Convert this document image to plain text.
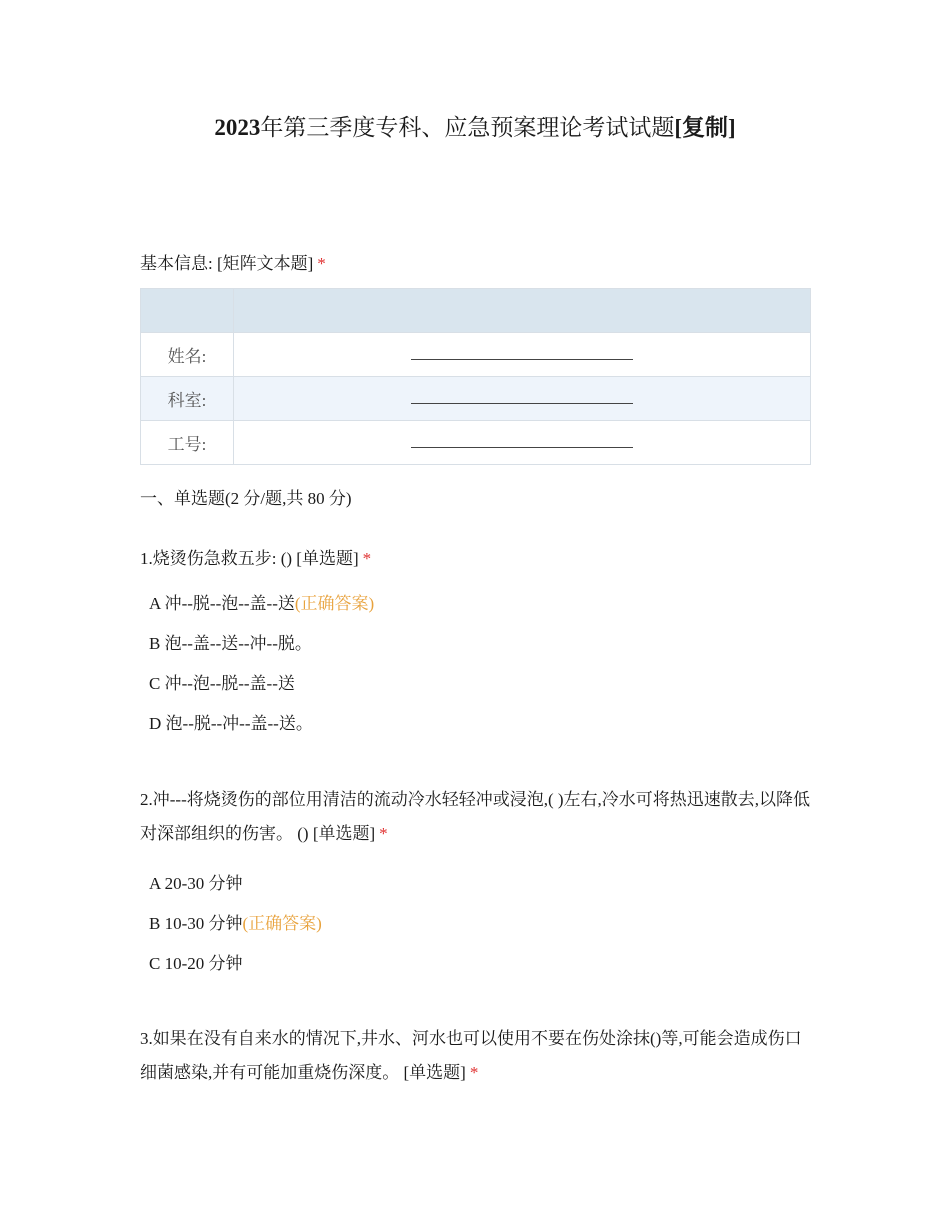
2023年第三季度专科、应急预案理论考试试题[复制]
基本信息: [矩阵文本题] *

姓名:	
科室:	
工号:	
一、单选题(2 分/题,共 80 分)
1.烧烫伤急救五步: () [单选题] *
A 冲--脱--泡--盖--送(正确答案)
B 泡--盖--送--冲--脱。
C 冲--泡--脱--盖--送
D 泡--脱--冲--盖--送。
2.冲---将烧烫伤的部位用清洁的流动冷水轻轻冲或浸泡,( )左右,冷水可将热迅速散去,以降低对深部组织的伤害。 () [单选题] *
A 20-30 分钟
B 10-30 分钟(正确答案)
C 10-20 分钟
3.如果在没有自来水的情况下,井水、河水也可以使用不要在伤处涂抹()等,可能会造成伤口细菌感染,并有可能加重烧伤深度。 [单选题] *
